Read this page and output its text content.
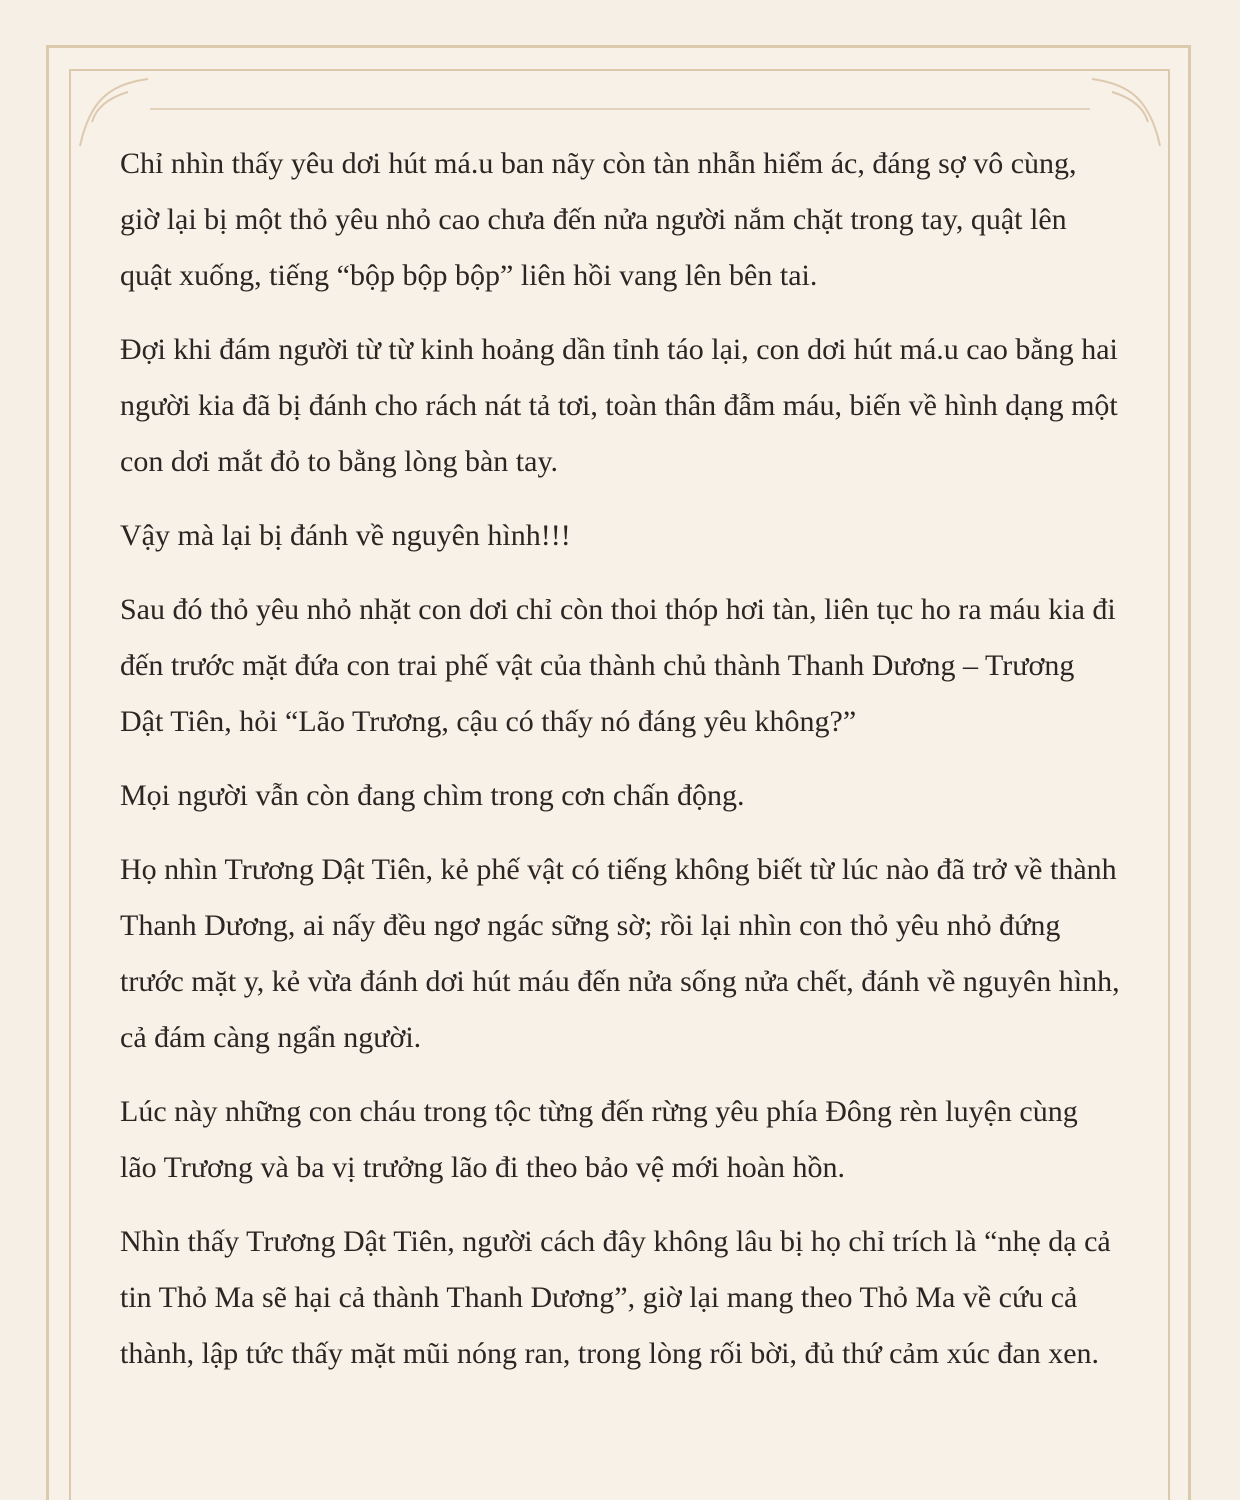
Chỉ nhìn thấy yêu dơi hút má.u ban nãy còn tàn nhẫn hiểm ác, đáng sợ vô cùng, giờ lại bị một thỏ yêu nhỏ cao chưa đến nửa người nắm chặt trong tay, quật lên quật xuống, tiếng “bộp bộp bộp” liên hồi vang lên bên tai.

Đợi khi đám người từ từ kinh hoảng dần tỉnh táo lại, con dơi hút má.u cao bằng hai người kia đã bị đánh cho rách nát tả tơi, toàn thân đẫm máu, biến về hình dạng một con dơi mắt đỏ to bằng lòng bàn tay.

Vậy mà lại bị đánh về nguyên hình!!!

Sau đó thỏ yêu nhỏ nhặt con dơi chỉ còn thoi thóp hơi tàn, liên tục ho ra máu kia đi đến trước mặt đứa con trai phế vật của thành chủ thành Thanh Dương – Trương Dật Tiên, hỏi “Lão Trương, cậu có thấy nó đáng yêu không?”

Mọi người vẫn còn đang chìm trong cơn chấn động.

Họ nhìn Trương Dật Tiên, kẻ phế vật có tiếng không biết từ lúc nào đã trở về thành Thanh Dương, ai nấy đều ngơ ngác sững sờ; rồi lại nhìn con thỏ yêu nhỏ đứng trước mặt y, kẻ vừa đánh dơi hút máu đến nửa sống nửa chết, đánh về nguyên hình, cả đám càng ngẩn người.

Lúc này những con cháu trong tộc từng đến rừng yêu phía Đông rèn luyện cùng lão Trương và ba vị trưởng lão đi theo bảo vệ mới hoàn hồn.

Nhìn thấy Trương Dật Tiên, người cách đây không lâu bị họ chỉ trích là “nhẹ dạ cả tin Thỏ Ma sẽ hại cả thành Thanh Dương”, giờ lại mang theo Thỏ Ma về cứu cả thành, lập tức thấy mặt mũi nóng ran, trong lòng rối bời, đủ thứ cảm xúc đan xen.
